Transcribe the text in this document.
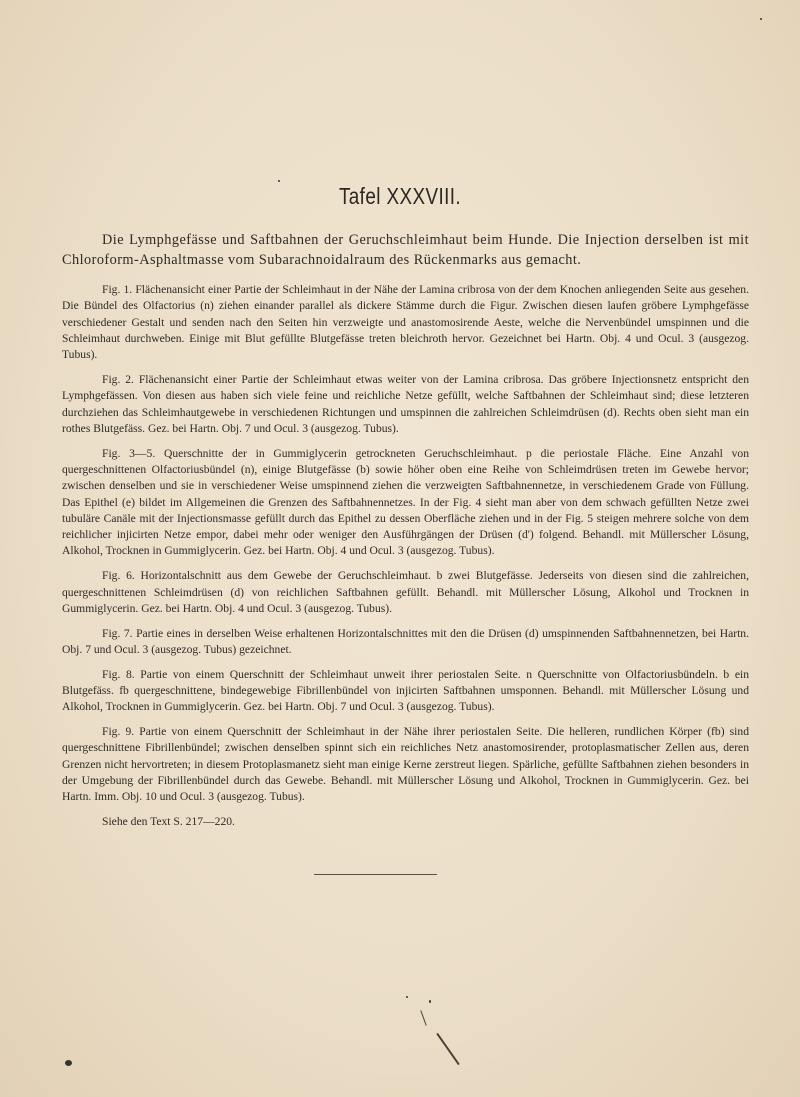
Tafel XXXVIII.
Die Lymphgefässe und Saftbahnen der Geruchschleimhaut beim Hunde. Die Injection derselben ist mit Chloroform-Asphaltmasse vom Subarachnoidalraum des Rückenmarks aus gemacht.

Fig. 1. Flächenansicht einer Partie der Schleimhaut in der Nähe der Lamina cribrosa von der dem Knochen anliegenden Seite aus gesehen. Die Bündel des Olfactorius (n) ziehen einander parallel als dickere Stämme durch die Figur. Zwischen diesen laufen gröbere Lymphgefässe verschiedener Gestalt und senden nach den Seiten hin verzweigte und anastomosirende Aeste, welche die Nervenbündel umspinnen und die Schleimhaut durchweben. Einige mit Blut gefüllte Blutgefässe treten bleichroth hervor. Gezeichnet bei Hartn. Obj. 4 und Ocul. 3 (ausgezog. Tubus).

Fig. 2. Flächenansicht einer Partie der Schleimhaut etwas weiter von der Lamina cribrosa. Das gröbere Injectionsnetz entspricht den Lymphgefässen. Von diesen aus haben sich viele feine und reichliche Netze gefüllt, welche Saftbahnen der Schleimhaut sind; diese letzteren durchziehen das Schleimhautgewebe in verschiedenen Richtungen und umspinnen die zahlreichen Schleimdrüsen (d). Rechts oben sieht man ein rothes Blutgefäss. Gez. bei Hartn. Obj. 7 und Ocul. 3 (ausgezog. Tubus).

Fig. 3—5. Querschnitte der in Gummiglycerin getrockneten Geruchschleimhaut. p die periostale Fläche. Eine Anzahl von quergeschnittenen Olfactoriusbündel (n), einige Blutgefässe (b) sowie höher oben eine Reihe von Schleimdrüsen treten im Gewebe hervor; zwischen denselben und sie in verschiedener Weise umspinnend ziehen die verzweigten Saftbahnennetze, in verschiedenem Grade von Füllung. Das Epithel (e) bildet im Allgemeinen die Grenzen des Saftbahnennetzes. In der Fig. 4 sieht man aber von dem schwach gefüllten Netze zwei tubuläre Canäle mit der Injectionsmasse gefüllt durch das Epithel zu dessen Oberfläche ziehen und in der Fig. 5 steigen mehrere solche von dem reichlicher injicirten Netze empor, dabei mehr oder weniger den Ausführgängen der Drüsen (d') folgend. Behandl. mit Müllerscher Lösung, Alkohol, Trocknen in Gummiglycerin. Gez. bei Hartn. Obj. 4 und Ocul. 3 (ausgezog. Tubus).

Fig. 6. Horizontalschnitt aus dem Gewebe der Geruchschleimhaut. b zwei Blutgefässe. Jederseits von diesen sind die zahlreichen, quergeschnittenen Schleimdrüsen (d) von reichlichen Saftbahnen gefüllt. Behandl. mit Müllerscher Lösung, Alkohol und Trocknen in Gummiglycerin. Gez. bei Hartn. Obj. 4 und Ocul. 3 (ausgezog. Tubus).

Fig. 7. Partie eines in derselben Weise erhaltenen Horizontalschnittes mit den die Drüsen (d) umspinnenden Saftbahnennetzen, bei Hartn. Obj. 7 und Ocul. 3 (ausgezog. Tubus) gezeichnet.

Fig. 8. Partie von einem Querschnitt der Schleimhaut unweit ihrer periostalen Seite. n Querschnitte von Olfactoriusbündeln. b ein Blutgefäss. fb quergeschnittene, bindegewebige Fibrillenbündel von injicirten Saftbahnen umsponnen. Behandl. mit Müllerscher Lösung und Alkohol, Trocknen in Gummiglycerin. Gez. bei Hartn. Obj. 7 und Ocul. 3 (ausgezog. Tubus).

Fig. 9. Partie von einem Querschnitt der Schleimhaut in der Nähe ihrer periostalen Seite. Die helleren, rundlichen Körper (fb) sind quergeschnittene Fibrillenbündel; zwischen denselben spinnt sich ein reichliches Netz anastomosirender, protoplasmatischer Zellen aus, deren Grenzen nicht hervortreten; in diesem Protoplasmanetz sieht man einige Kerne zerstreut liegen. Spärliche, gefüllte Saftbahnen ziehen besonders in der Umgebung der Fibrillenbündel durch das Gewebe. Behandl. mit Müllerscher Lösung und Alkohol, Trocknen in Gummiglycerin. Gez. bei Hartn. Imm. Obj. 10 und Ocul. 3 (ausgezog. Tubus).

Siehe den Text S. 217—220.
